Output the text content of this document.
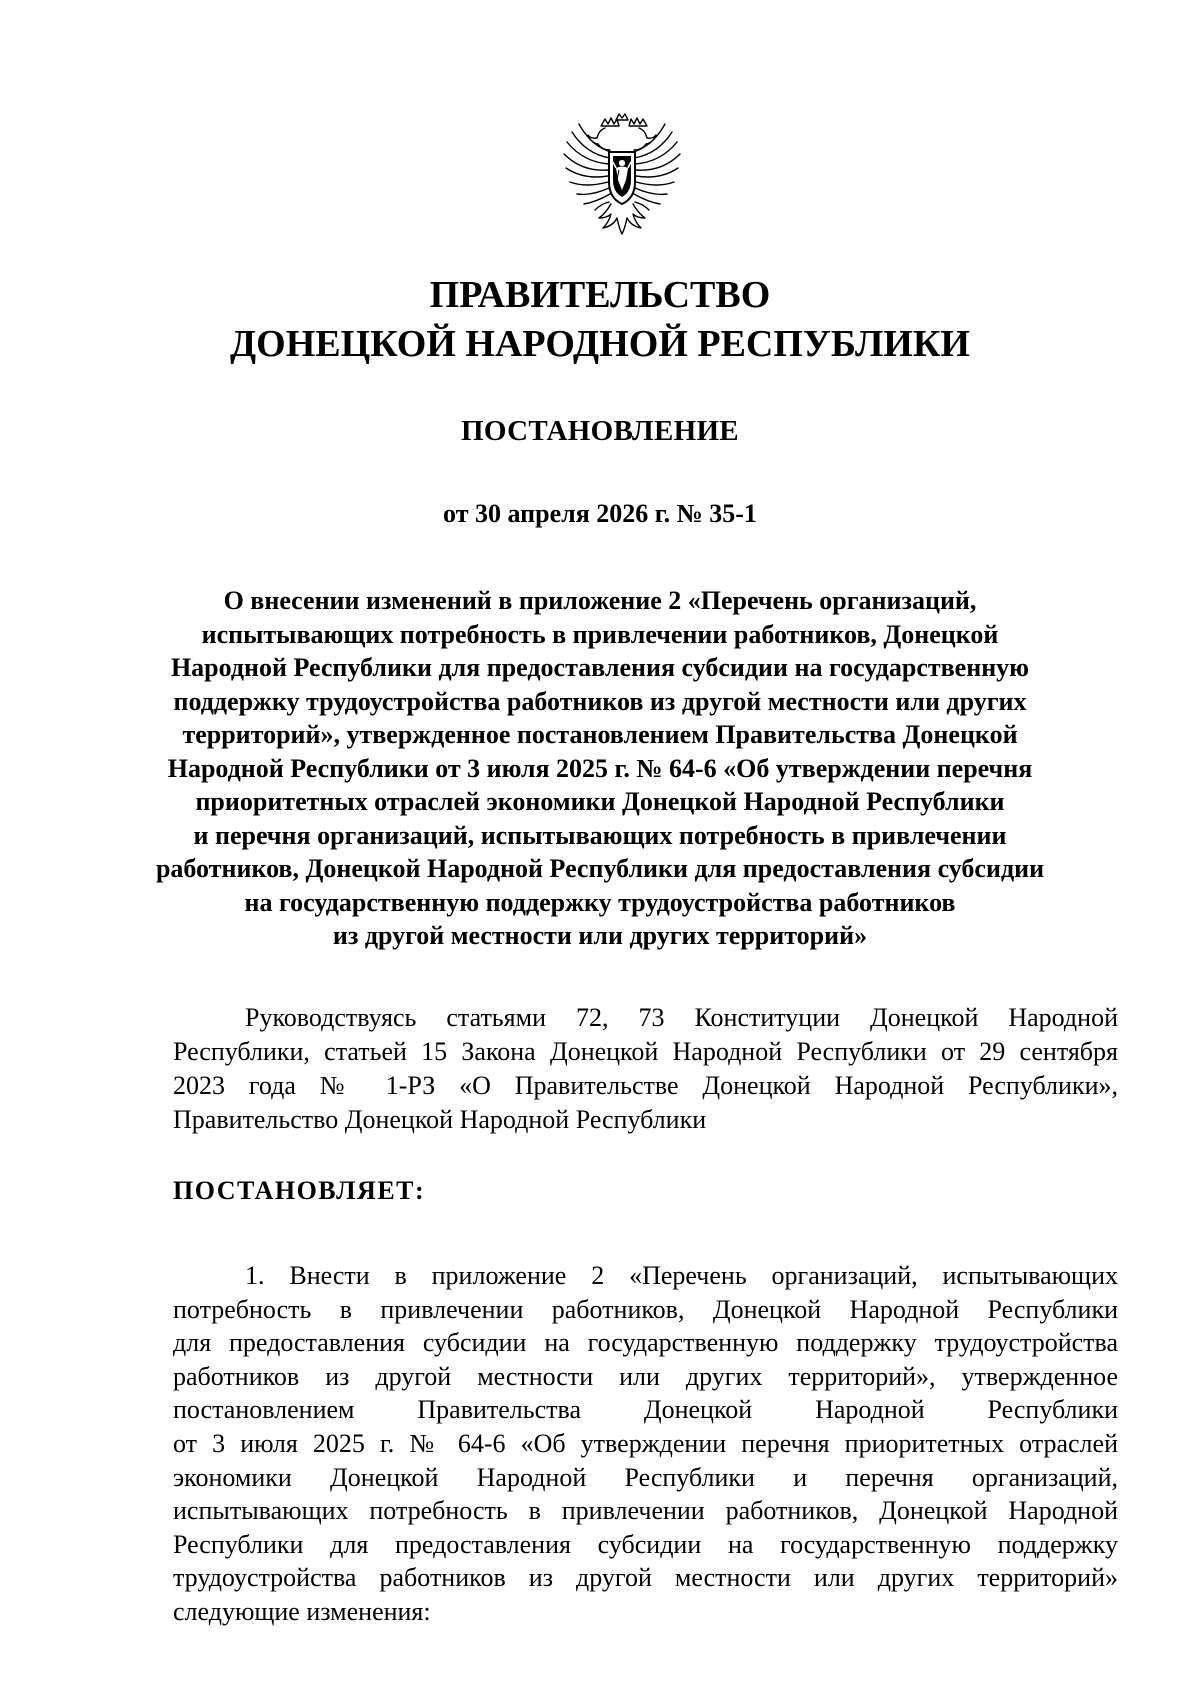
ПРАВИТЕЛЬСТВО
ДОНЕЦКОЙ НАРОДНОЙ РЕСПУБЛИКИ
ПОСТАНОВЛЕНИЕ
от 30 апреля 2026 г. № 35-1
О внесении изменений в приложение 2 «Перечень организаций,
испытывающих потребность в привлечении работников, Донецкой
Народной Республики для предоставления субсидии на государственную
поддержку трудоустройства работников из другой местности или других
территорий», утвержденное постановлением Правительства Донецкой
Народной Республики от 3 июля 2025 г. № 64-6 «Об утверждении перечня
приоритетных отраслей экономики Донецкой Народной Республики
и перечня организаций, испытывающих потребность в привлечении
работников, Донецкой Народной Республики для предоставления субсидии
на государственную поддержку трудоустройства работников
из другой местности или других территорий»
Руководствуясь статьями 72, 73 Конституции Донецкой Народной
Республики, статьей 15 Закона Донецкой Народной Республики от 29 сентября
2023 года № 1-РЗ «О Правительстве Донецкой Народной Республики»,
Правительство Донецкой Народной Республики
ПОСТАНОВЛЯЕТ:
1. Внести в приложение 2 «Перечень организаций, испытывающих
потребность в привлечении работников, Донецкой Народной Республики
для предоставления субсидии на государственную поддержку трудоустройства
работников из другой местности или других территорий», утвержденное
постановлением Правительства Донецкой Народной Республики
от 3 июля 2025 г. № 64-6 «Об утверждении перечня приоритетных отраслей
экономики Донецкой Народной Республики и перечня организаций,
испытывающих потребность в привлечении работников, Донецкой Народной
Республики для предоставления субсидии на государственную поддержку
трудоустройства работников из другой местности или других территорий»
следующие изменения:
